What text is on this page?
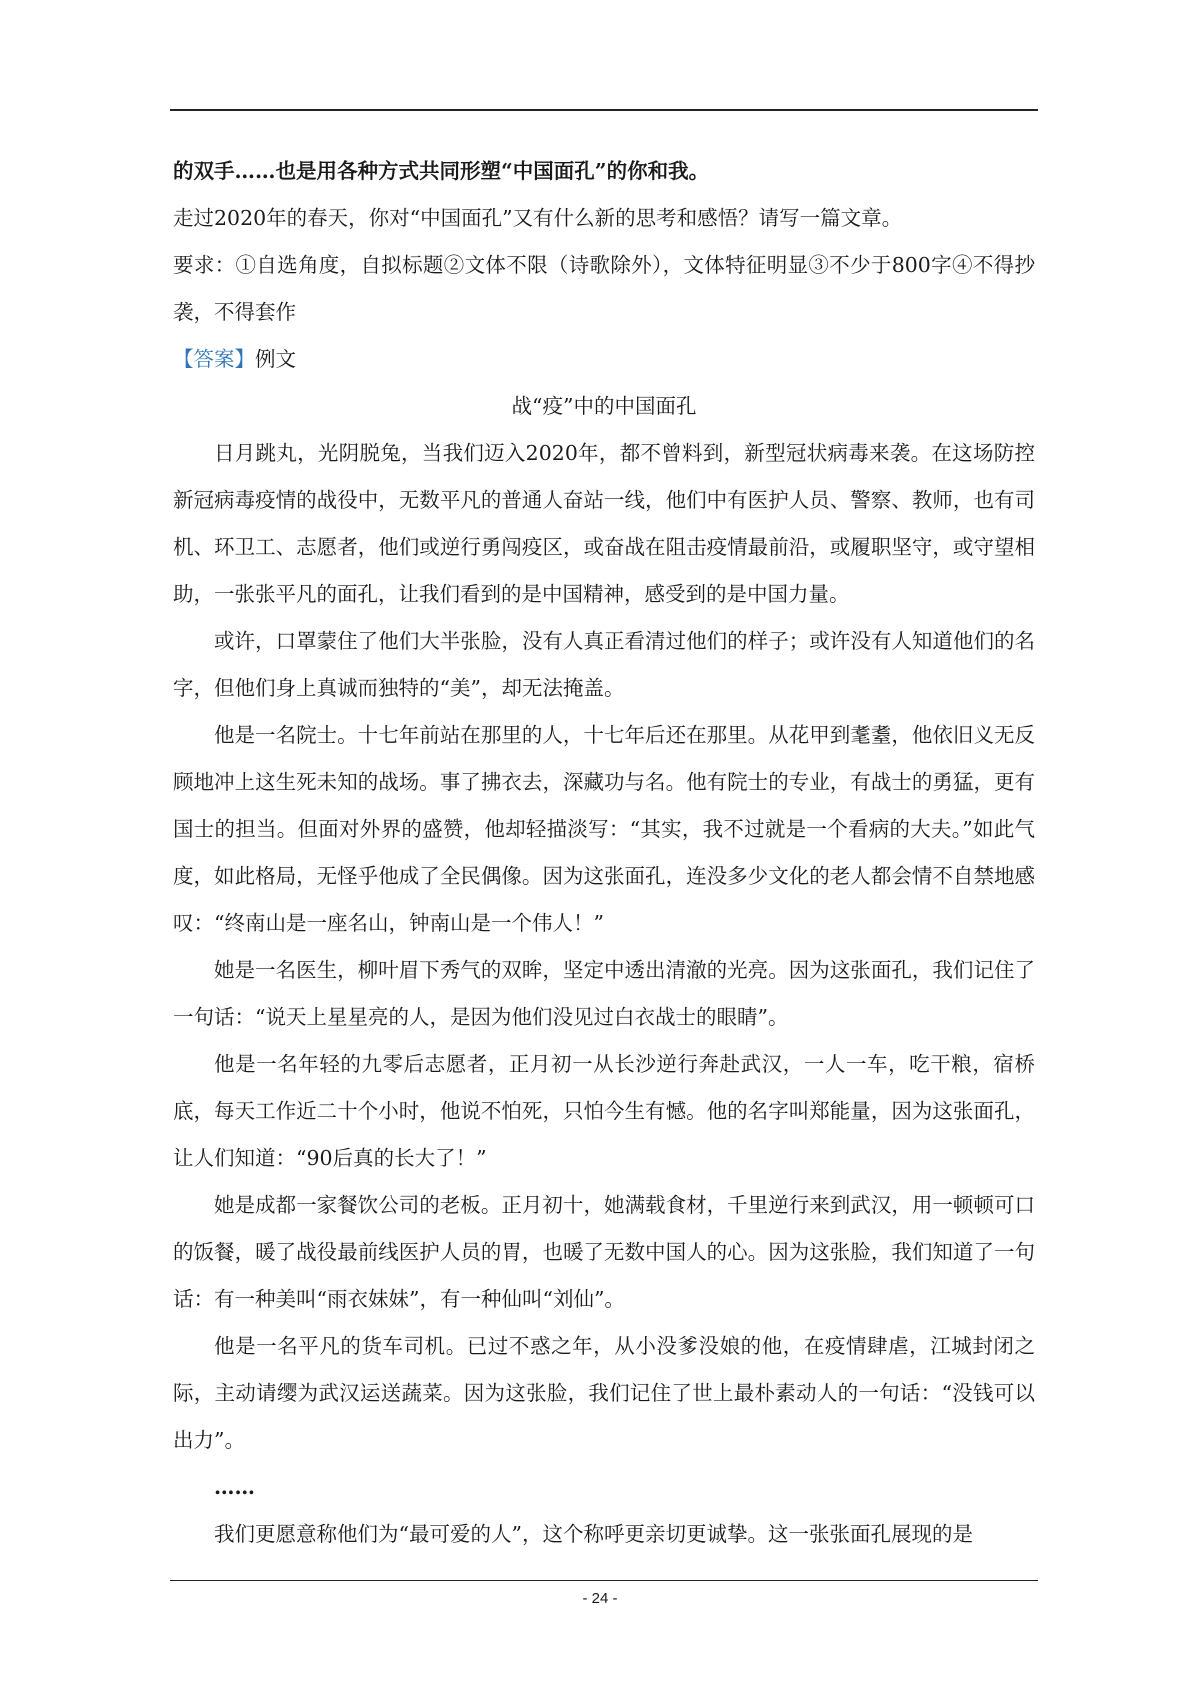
的双手……也是用各种方式共同形塑“中国面孔”的你和我。

走过2020年的春天，你对“中国面孔”又有什么新的思考和感悟？请写一篇文章。

要求：①自选角度，自拟标题②文体不限（诗歌除外），文体特征明显③不少于800字④不得抄袭，不得套作

【答案】例文

战“疫”中的中国面孔

日月跳丸，光阴脱兔，当我们迈入2020年，都不曾料到，新型冠状病毒来袭。在这场防控新冠病毒疫情的战役中，无数平凡的普通人奋站一线，他们中有医护人员、警察、教师，也有司机、环卫工、志愿者，他们或逆行勇闯疫区，或奋战在阻击疫情最前沿，或履职坚守，或守望相助，一张张平凡的面孔，让我们看到的是中国精神，感受到的是中国力量。

或许，口罩蒙住了他们大半张脸，没有人真正看清过他们的样子；或许没有人知道他们的名字，但他们身上真诚而独特的“美”，却无法掩盖。

他是一名院士。十七年前站在那里的人，十七年后还在那里。从花甲到耄耋，他依旧义无反顾地冲上这生死未知的战场。事了拂衣去，深藏功与名。他有院士的专业，有战士的勇猛，更有国士的担当。但面对外界的盛赞，他却轻描淡写：“其实，我不过就是一个看病的大夫。”如此气度，如此格局，无怪乎他成了全民偶像。因为这张面孔，连没多少文化的老人都会情不自禁地感叹：“终南山是一座名山，钟南山是一个伟人！”

她是一名医生，柳叶眉下秀气的双眸，坚定中透出清澈的光亮。因为这张面孔，我们记住了一句话：“说天上星星亮的人，是因为他们没见过白衣战士的眼睛”。

他是一名年轻的九零后志愿者，正月初一从长沙逆行奔赴武汉，一人一车，吃干粮，宿桥底，每天工作近二十个小时，他说不怕死，只怕今生有憾。他的名字叫郑能量，因为这张面孔，让人们知道：“90后真的长大了！”

她是成都一家餐饮公司的老板。正月初十，她满载食材，千里逆行来到武汉，用一顿顿可口的饭餐，暖了战役最前线医护人员的胃，也暖了无数中国人的心。因为这张脸，我们知道了一句话：有一种美叫“雨衣妹妹”，有一种仙叫“刘仙”。

他是一名平凡的货车司机。已过不惑之年，从小没爹没娘的他，在疫情肆虐，江城封闭之际，主动请缨为武汉运送蔬菜。因为这张脸，我们记住了世上最朴素动人的一句话：“没钱可以出力”。

……

我们更愿意称他们为“最可爱的人”，这个称呼更亲切更诚挚。这一张张面孔展现的是

- 24 -
